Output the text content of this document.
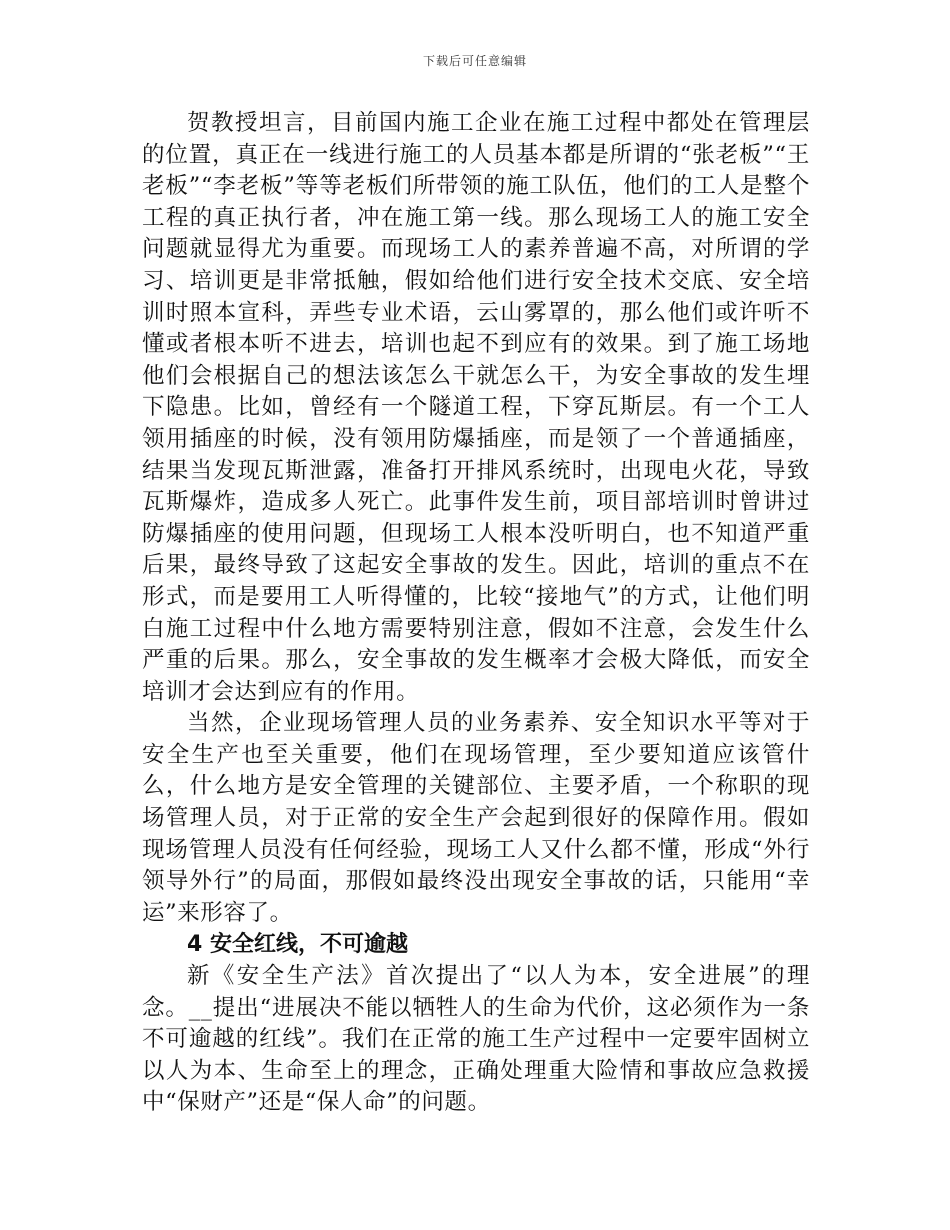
下载后可任意编辑

贺教授坦言，目前国内施工企业在施工过程中都处在管理层的位置，真正在一线进行施工的人员基本都是所谓的“张老板”“王老板”“李老板”等等老板们所带领的施工队伍，他们的工人是整个工程的真正执行者，冲在施工第一线。那么现场工人的施工安全问题就显得尤为重要。而现场工人的素养普遍不高，对所谓的学习、培训更是非常抵触，假如给他们进行安全技术交底、安全培训时照本宣科，弄些专业术语，云山雾罩的，那么他们或许听不懂或者根本听不进去，培训也起不到应有的效果。到了施工场地他们会根据自己的想法该怎么干就怎么干，为安全事故的发生埋下隐患。比如，曾经有一个隧道工程，下穿瓦斯层。有一个工人领用插座的时候，没有领用防爆插座，而是领了一个普通插座，结果当发现瓦斯泄露，准备打开排风系统时，出现电火花，导致瓦斯爆炸，造成多人死亡。此事件发生前，项目部培训时曾讲过防爆插座的使用问题，但现场工人根本没听明白，也不知道严重后果，最终导致了这起安全事故的发生。因此，培训的重点不在形式，而是要用工人听得懂的，比较“接地气”的方式，让他们明白施工过程中什么地方需要特别注意，假如不注意，会发生什么严重的后果。那么，安全事故的发生概率才会极大降低，而安全培训才会达到应有的作用。

当然，企业现场管理人员的业务素养、安全知识水平等对于安全生产也至关重要，他们在现场管理，至少要知道应该管什么，什么地方是安全管理的关键部位、主要矛盾，一个称职的现场管理人员，对于正常的安全生产会起到很好的保障作用。假如现场管理人员没有任何经验，现场工人又什么都不懂，形成“外行领导外行”的局面，那假如最终没出现安全事故的话，只能用“幸运”来形容了。

4 安全红线，不可逾越

新《安全生产法》首次提出了“以人为本，安全进展”的理念。__提出“进展决不能以牺牲人的生命为代价，这必须作为一条不可逾越的红线”。我们在正常的施工生产过程中一定要牢固树立以人为本、生命至上的理念，正确处理重大险情和事故应急救援中“保财产”还是“保人命”的问题。
